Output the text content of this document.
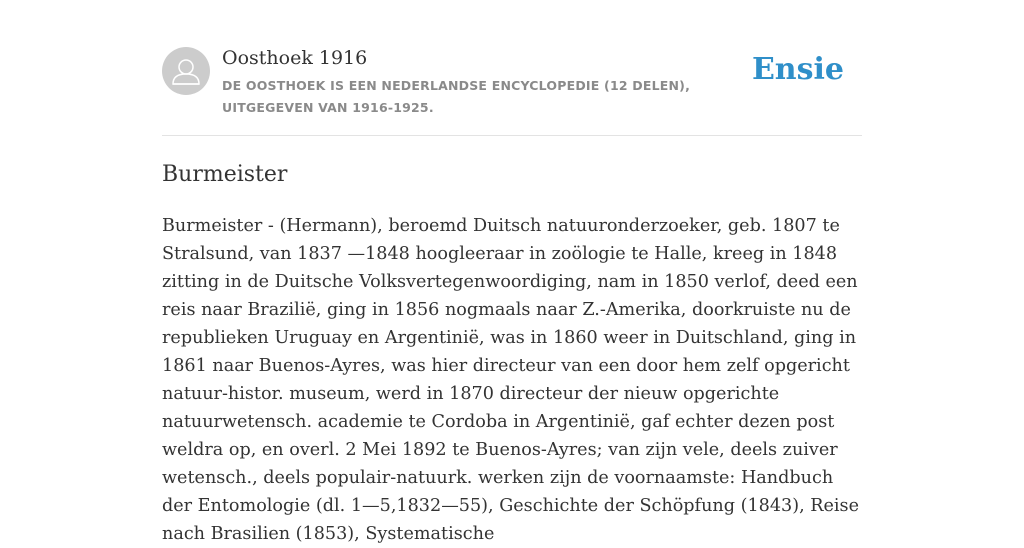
Oosthoek 1916
DE OOSTHOEK IS EEN NEDERLANDSE ENCYCLOPEDIE (12 DELEN), UITGEGEVEN VAN 1916-1925.
Ensie
Burmeister

Burmeister - (Hermann), beroemd Duitsch natuuronderzoeker, geb. 1807 te Stralsund, van 1837 —1848 hoogleeraar in zoölogie te Halle, kreeg in 1848 zitting in de Duitsche Volksvertegenwoordiging, nam in 1850 verlof, deed een reis naar Brazilië, ging in 1856 nogmaals naar Z.-Amerika, doorkruiste nu de republieken Uruguay en Argentinië, was in 1860 weer in Duitschland, ging in 1861 naar Buenos-Ayres, was hier directeur van een door hem zelf opgericht natuur-histor. museum, werd in 1870 directeur der nieuw opgerichte natuurwetensch. academie te Cordoba in Argentinië, gaf echter dezen post weldra op, en overl. 2 Mei 1892 te Buenos-Ayres; van zijn vele, deels zuiver wetensch., deels populair-natuurk. werken zijn de voornaamste: Handbuch der Entomologie (dl. 1—5,1832—55), Geschichte der Schöpfung (1843), Reise nach Brasilien (1853), Systematische
